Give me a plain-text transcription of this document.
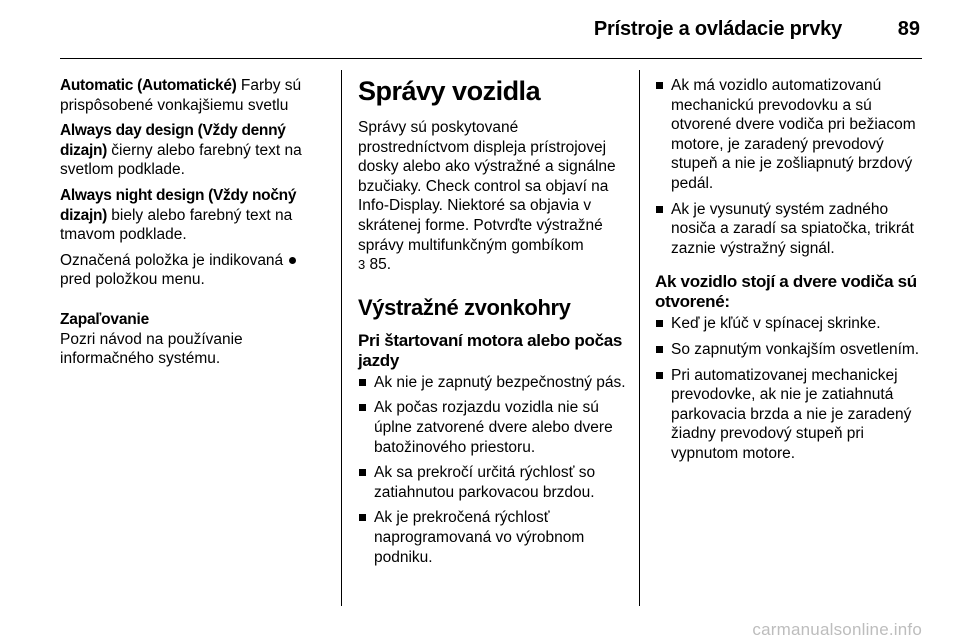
Prístroje a ovládacie prvky	89

Automatic (Automatické) Farby sú prispôsobené vonkajšiemu svetlu

Always day design (Vždy denný dizajn) čierny alebo farebný text na svetlom podklade.

Always night design (Vždy nočný dizajn) biely alebo farebný text na tmavom podklade.

Označená položka je indikovaná  pred položkou menu.

Zapaľovanie

Pozri návod na používanie informačného systému.

Správy vozidla

Správy sú poskytované prostredníctvom displeja prístrojovej dosky alebo ako výstražné a signálne bzučiaky. Check control sa objaví na Info-Display. Niektoré sa objavia v skrátenej forme. Potvrďte výstražné správy multifunkčným gombíkom
3 85.

Výstražné zvonkohry
Pri štartovaní motora alebo počas jazdy
Ak nie je zapnutý bezpečnostný pás.
Ak počas rozjazdu vozidla nie sú úplne zatvorené dvere alebo dvere batožinového priestoru.
Ak sa prekročí určitá rýchlosť so zatiahnutou parkovacou brzdou.
Ak je prekročená rýchlosť naprogramovaná vo výrobnom podniku.
Ak má vozidlo automatizovanú mechanickú prevodovku a sú otvorené dvere vodiča pri bežiacom motore, je zaradený prevodový stupeň a nie je zošliapnutý brzdový pedál.
Ak je vysunutý systém zadného nosiča a zaradí sa spiatočka, trikrát zaznie výstražný signál.
Ak vozidlo stojí a dvere vodiča sú otvorené:
Keď je kľúč v spínacej skrinke.
So zapnutým vonkajším osvetlením.
Pri automatizovanej mechanickej prevodovke, ak nie je zatiahnutá parkovacia brzda a nie je zaradený žiadny prevodový stupeň pri vypnutom motore.
carmanualsonline.info
